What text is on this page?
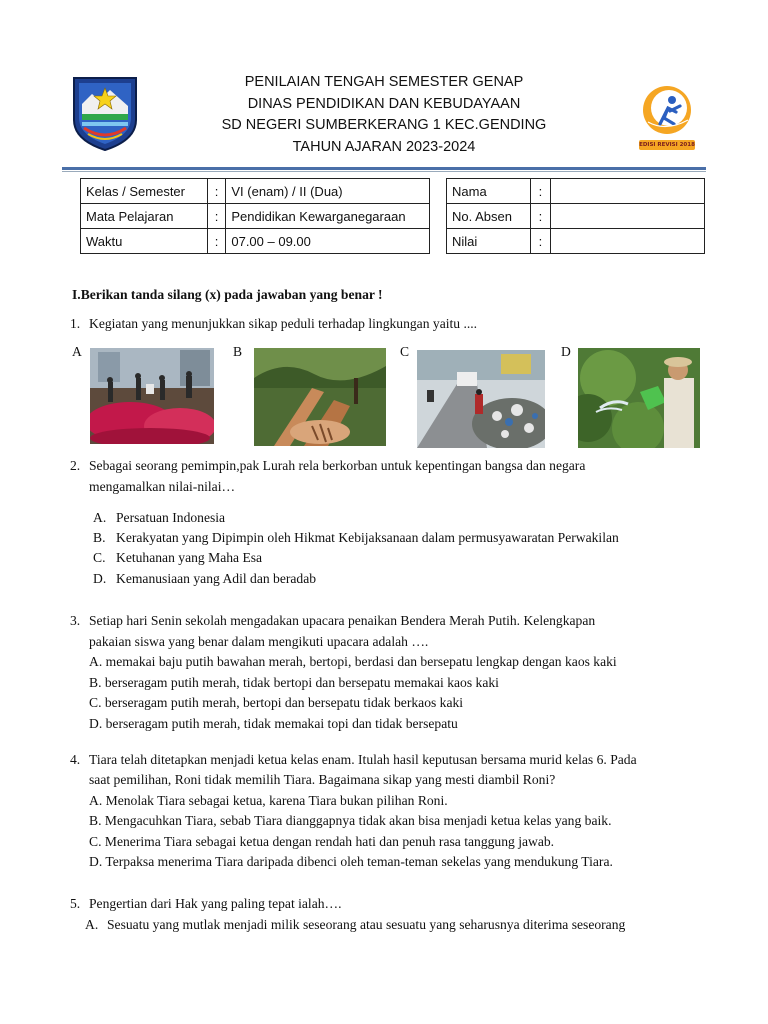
PENILAIAN TENGAH SEMESTER GENAP
DINAS PENDIDIKAN DAN KEBUDAYAAN
SD NEGERI SUMBERKERANG 1 KEC.GENDING
TAHUN AJARAN 2023-2024	EDISI REVISI 2018
Kelas / Semester	:	VI (enam) / II (Dua)
Mata Pelajaran	:	Pendidikan Kewarganegaraan
Waktu	:	07.00 – 09.00
Nama	:	
No. Absen	:	
Nilai	:	
I.Berikan tanda silang (x) pada jawaban yang benar !
1. Kegiatan yang menunjukkan sikap peduli terhadap lingkungan yaitu ....
A	B	C	D
2. Sebagai seorang pemimpin,pak Lurah rela berkorban untuk kepentingan bangsa dan negara
mengamalkan nilai-nilai…
A. Persatuan Indonesia
B. Kerakyatan yang Dipimpin oleh Hikmat Kebijaksanaan dalam permusyawaratan Perwakilan
C. Ketuhanan yang Maha Esa
D. Kemanusiaan yang Adil dan beradab
3. Setiap hari Senin sekolah mengadakan upacara penaikan Bendera Merah Putih. Kelengkapan
pakaian siswa yang benar dalam mengikuti upacara adalah ….
A. memakai baju putih bawahan merah, bertopi, berdasi dan bersepatu lengkap dengan kaos kaki
B. berseragam putih merah, tidak bertopi dan bersepatu memakai kaos kaki
C. berseragam putih merah, bertopi dan bersepatu tidak berkaos kaki
D. berseragam putih merah, tidak memakai topi dan tidak bersepatu
4. Tiara telah ditetapkan menjadi ketua kelas enam. Itulah hasil keputusan bersama murid kelas 6. Pada
saat pemilihan, Roni tidak memilih Tiara. Bagaimana sikap yang mesti diambil Roni?
A. Menolak Tiara sebagai ketua, karena Tiara bukan pilihan Roni.
B. Mengacuhkan Tiara, sebab Tiara dianggapnya tidak akan bisa menjadi ketua kelas yang baik.
C. Menerima Tiara sebagai ketua dengan rendah hati dan penuh rasa tanggung jawab.
D. Terpaksa menerima Tiara daripada dibenci oleh teman-teman sekelas yang mendukung Tiara.
5. Pengertian dari Hak yang paling tepat ialah….
A. Sesuatu yang mutlak menjadi milik seseorang atau sesuatu yang seharusnya diterima seseorang
